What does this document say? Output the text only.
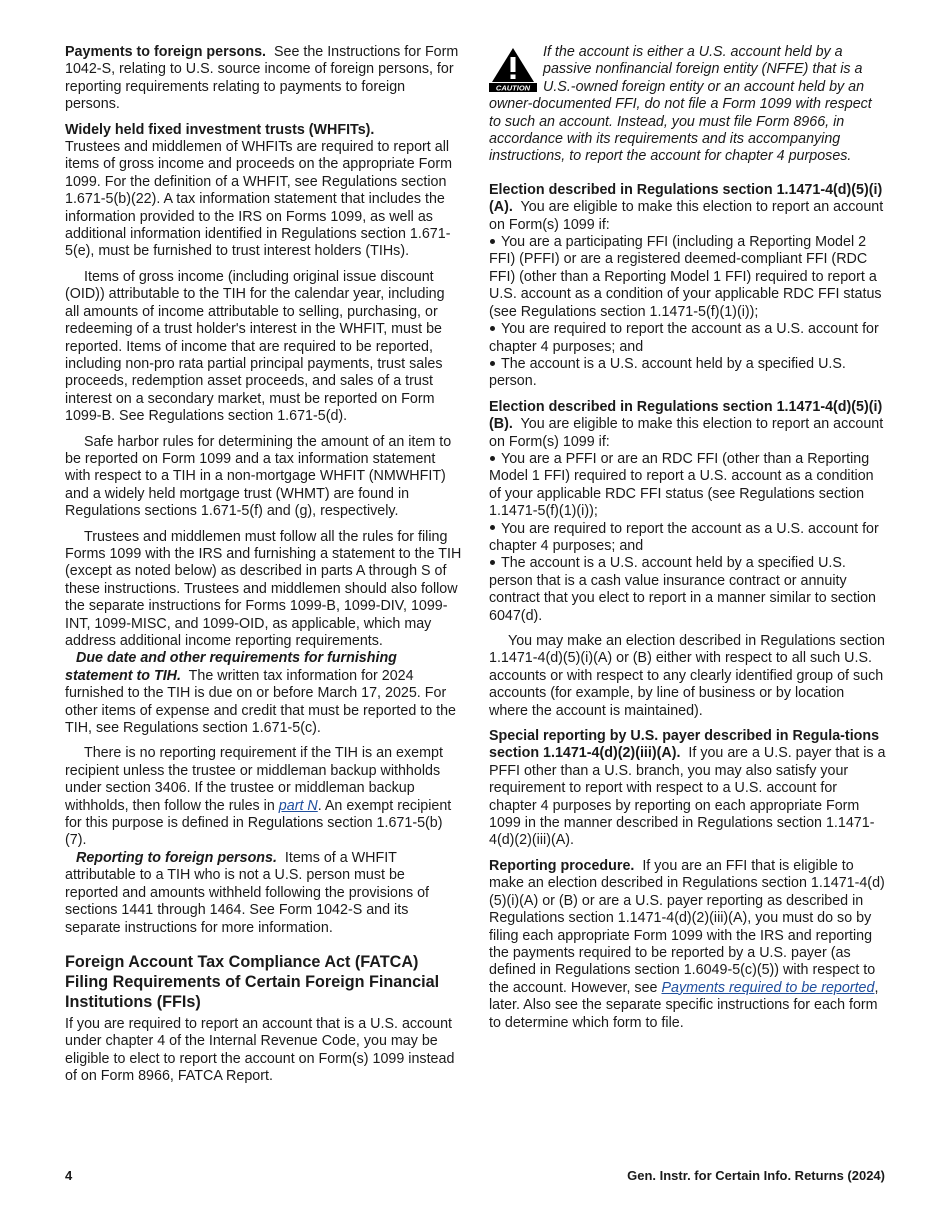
Payments to foreign persons. See the Instructions for Form 1042-S, relating to U.S. source income of foreign persons, for reporting requirements relating to payments to foreign persons.

Widely held fixed investment trusts (WHFITs).
Trustees and middlemen of WHFITs are required to report all items of gross income and proceeds on the appropriate Form 1099. For the definition of a WHFIT, see Regulations section 1.671-5(b)(22). A tax information statement that includes the information provided to the IRS on Forms 1099, as well as additional information identified in Regulations section 1.671-5(e), must be furnished to trust interest holders (TIHs).

Items of gross income (including original issue discount (OID)) attributable to the TIH for the calendar year, including all amounts of income attributable to selling, purchasing, or redeeming of a trust holder's interest in the WHFIT, must be reported. Items of income that are required to be reported, including non-pro rata partial principal payments, trust sales proceeds, redemption asset proceeds, and sales of a trust interest on a secondary market, must be reported on Form 1099-B. See Regulations section 1.671-5(d).

Safe harbor rules for determining the amount of an item to be reported on Form 1099 and a tax information statement with respect to a TIH in a non-mortgage WHFIT (NMWHFIT) and a widely held mortgage trust (WHMT) are found in Regulations sections 1.671-5(f) and (g), respectively.

Trustees and middlemen must follow all the rules for filing Forms 1099 with the IRS and furnishing a statement to the TIH (except as noted below) as described in parts A through S of these instructions. Trustees and middlemen should also follow the separate instructions for Forms 1099-B, 1099-DIV, 1099-INT, 1099-MISC, and 1099-OID, as applicable, which may address additional income reporting requirements.

Due date and other requirements for furnishing statement to TIH. The written tax information for 2024 furnished to the TIH is due on or before March 17, 2025. For other items of expense and credit that must be reported to the TIH, see Regulations section 1.671-5(c).

There is no reporting requirement if the TIH is an exempt recipient unless the trustee or middleman backup withholds under section 3406. If the trustee or middleman backup withholds, then follow the rules in part N. An exempt recipient for this purpose is defined in Regulations section 1.671-5(b)(7).

Reporting to foreign persons. Items of a WHFIT attributable to a TIH who is not a U.S. person must be reported and amounts withheld following the provisions of sections 1441 through 1464. See Form 1042-S and its separate instructions for more information.

Foreign Account Tax Compliance Act (FATCA) Filing Requirements of Certain Foreign Financial Institutions (FFIs)

If you are required to report an account that is a U.S. account under chapter 4 of the Internal Revenue Code, you may be eligible to elect to report the account on Form(s) 1099 instead of on Form 8966, FATCA Report.

CAUTION
If the account is either a U.S. account held by a passive nonfinancial foreign entity (NFFE) that is a U.S.-owned foreign entity or an account held by an owner-documented FFI, do not file a Form 1099 with respect to such an account. Instead, you must file Form 8966, in accordance with its requirements and its accompanying instructions, to report the account for chapter 4 purposes.

Election described in Regulations section 1.1471-4(d)(5)(i)(A). You are eligible to make this election to report an account on Form(s) 1099 if:

You are a participating FFI (including a Reporting Model 2 FFI) (PFFI) or are a registered deemed-compliant FFI (RDC FFI) (other than a Reporting Model 1 FFI) required to report a U.S. account as a condition of your applicable RDC FFI status (see Regulations section 1.1471-5(f)(1)(i));

You are required to report the account as a U.S. account for chapter 4 purposes; and

The account is a U.S. account held by a specified U.S. person.

Election described in Regulations section 1.1471-4(d)(5)(i)(B). You are eligible to make this election to report an account on Form(s) 1099 if:

You are a PFFI or are an RDC FFI (other than a Reporting Model 1 FFI) required to report a U.S. account as a condition of your applicable RDC FFI status (see Regulations section 1.1471-5(f)(1)(i));

You are required to report the account as a U.S. account for chapter 4 purposes; and

The account is a U.S. account held by a specified U.S. person that is a cash value insurance contract or annuity contract that you elect to report in a manner similar to section 6047(d).

You may make an election described in Regulations section 1.1471-4(d)(5)(i)(A) or (B) either with respect to all such U.S. accounts or with respect to any clearly identified group of such accounts (for example, by line of business or by location where the account is maintained).

Special reporting by U.S. payer described in Regula-tions section 1.1471-4(d)(2)(iii)(A). If you are a U.S. payer that is a PFFI other than a U.S. branch, you may also satisfy your requirement to report with respect to a U.S. account for chapter 4 purposes by reporting on each appropriate Form 1099 in the manner described in Regulations section 1.1471-4(d)(2)(iii)(A).

Reporting procedure. If you are an FFI that is eligible to make an election described in Regulations section 1.1471-4(d)(5)(i)(A) or (B) or are a U.S. payer reporting as described in Regulations section 1.1471-4(d)(2)(iii)(A), you must do so by filing each appropriate Form 1099 with the IRS and reporting the payments required to be reported by a U.S. payer (as defined in Regulations section 1.6049-5(c)(5)) with respect to the account. However, see Payments required to be reported, later. Also see the separate specific instructions for each form to determine which form to file.

4	Gen. Instr. for Certain Info. Returns (2024)
